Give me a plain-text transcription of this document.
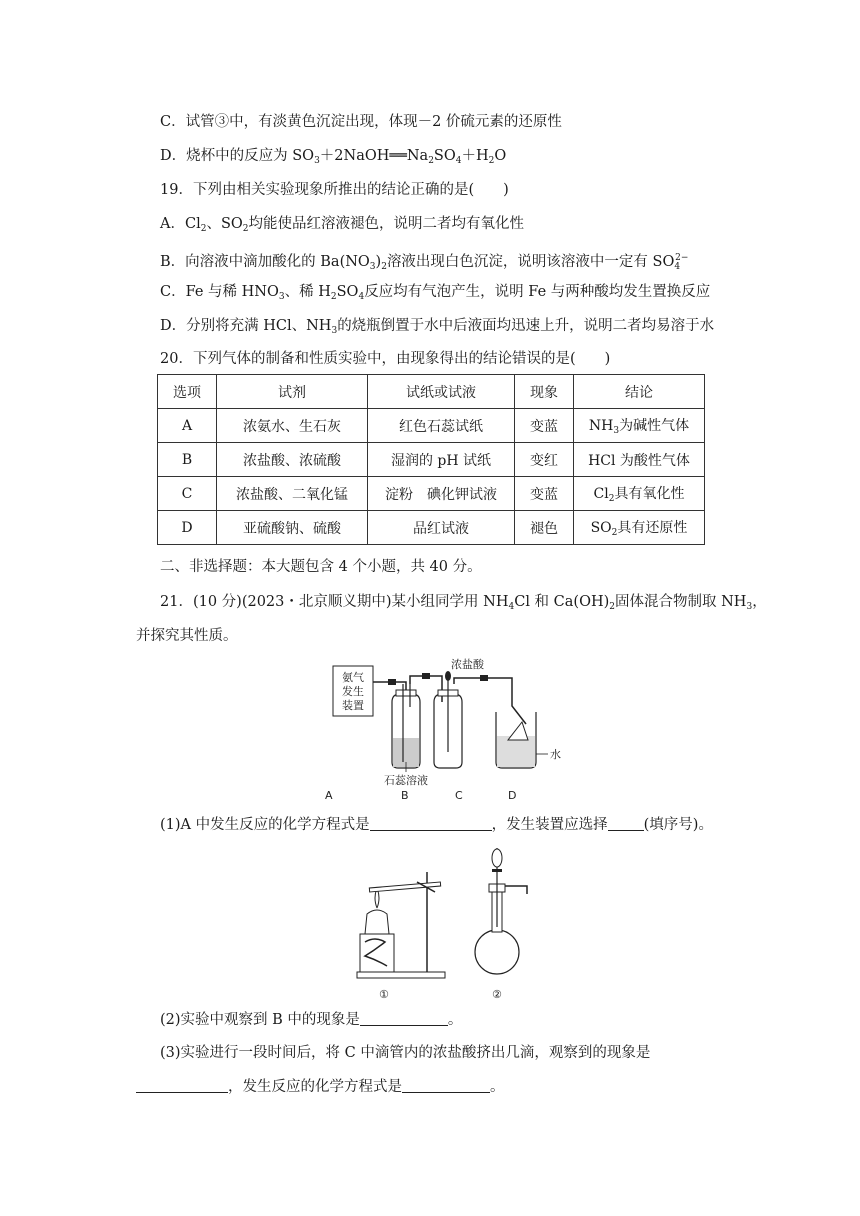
C．试管③中，有淡黄色沉淀出现，体现－2 价硫元素的还原性
D．烧杯中的反应为 $SO_3+2NaOH══Na_2SO_4+H_2O$
19．下列由相关实验现象所推出的结论正确的是(　　)
A．$Cl_2$、$SO_2$均能使品红溶液褪色，说明二者均有氧化性
B．向溶液中滴加酸化的 $Ba(NO_3)_2$溶液出现白色沉淀，说明该溶液中一定有 $SO_4^{2-}$
C．Fe 与稀 $HNO_3$、稀 $H_2SO_4$反应均有气泡产生，说明 Fe 与两种酸均发生置换反应
D．分别将充满 HCl、$NH_3$的烧瓶倒置于水中后液面均迅速上升，说明二者均易溶于水
20．下列气体的制备和性质实验中，由现象得出的结论错误的是(　　)
选项	试剂	试纸或试液	现象	结论
A	浓氨水、生石灰	红色石蕊试纸	变蓝	$NH_3$为碱性气体
B	浓盐酸、浓硫酸	湿润的 pH 试纸	变红	HCl 为酸性气体
C	浓盐酸、二氧化锰	淀粉　碘化钾试液	变蓝	$Cl_2$具有氧化性
D	亚硫酸钠、硫酸	品红试液	褪色	$SO_2$具有还原性
二、非选择题：本大题包含 4 个小题，共 40 分。
21．(10 分)(2023・北京顺义期中)某小组同学用 $NH_4Cl$ 和 $Ca(OH)_2$固体混合物制取 $NH_3$，
并探究其性质。
氨气
发生
装置
浓盐酸
水
石蕊溶液
A	B	C	D
(1)A 中发生反应的化学方程式是	，发生装置应选择 (填序号)。
①	②
(2)实验中观察到 B 中的现象是	。
(3)实验进行一段时间后，将 C 中滴管内的浓盐酸挤出几滴，观察到的现象是
，发生反应的化学方程式是	。
